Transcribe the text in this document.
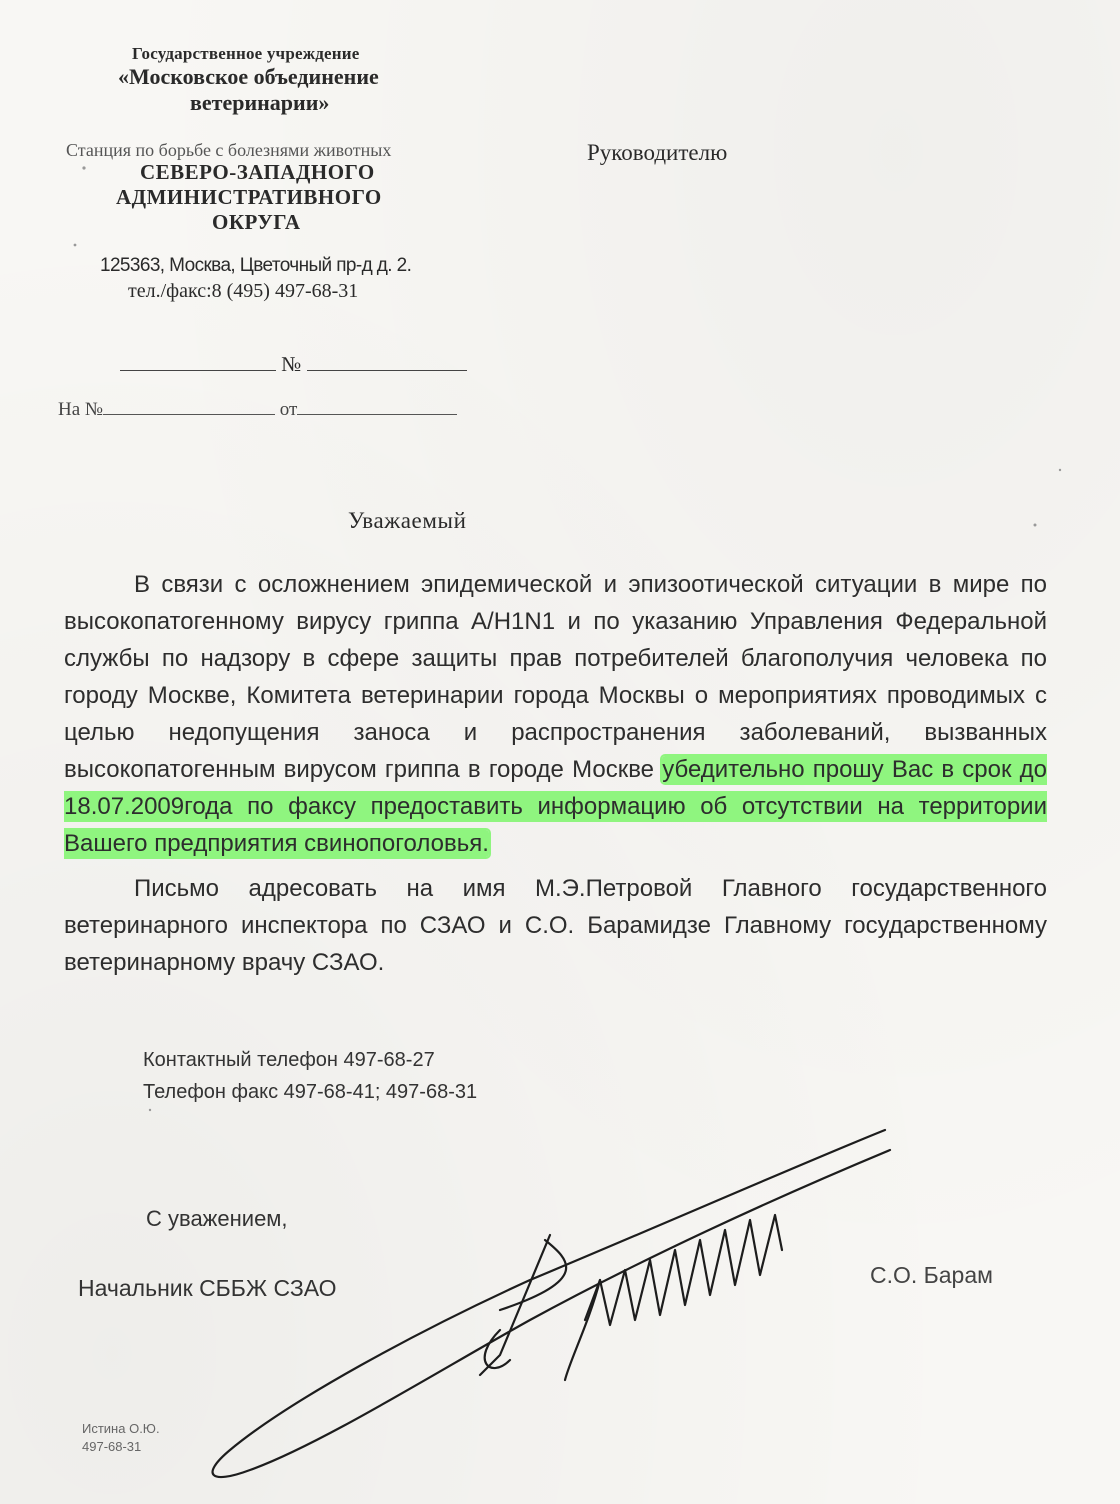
Государственное учреждение
«Московское объединение
ветеринарии»
Станция по борьбе с болезнями животных
СЕВЕРО-ЗАПАДНОГО
АДМИНИСТРАТИВНОГО
ОКРУГА
125363, Москва, Цветочный пр-д д. 2.
тел./факс:8 (495) 497-68-31
№
На №	от
Руководителю
Уважаемый

В связи с осложнением эпидемической и эпизоотической ситуации в мире по высокопатогенному вирусу гриппа A/H1N1 и по указанию Управления Федеральной службы по надзору в сфере защиты прав потребителей благополучия человека по городу Москве, Комитета ветеринарии города Москвы о мероприятиях проводимых с целью недопущения заноса и распространения заболеваний, вызванных высокопатогенным вирусом гриппа в городе Москве убедительно прошу Вас в срок до 18.07.2009года по факсу предоставить информацию об отсутствии на территории Вашего предприятия свинопоголовья.

Письмо адресовать на имя М.Э.Петровой Главного государственного ветеринарного инспектора по СЗАО и С.О. Барамидзе Главному государственному ветеринарному врачу СЗАО.

Контактный телефон 497-68-27
Телефон факс 497-68-41; 497-68-31
С уважением,
Начальник СББЖ СЗАО	С.О. Барам
Истина О.Ю.
497-68-31
